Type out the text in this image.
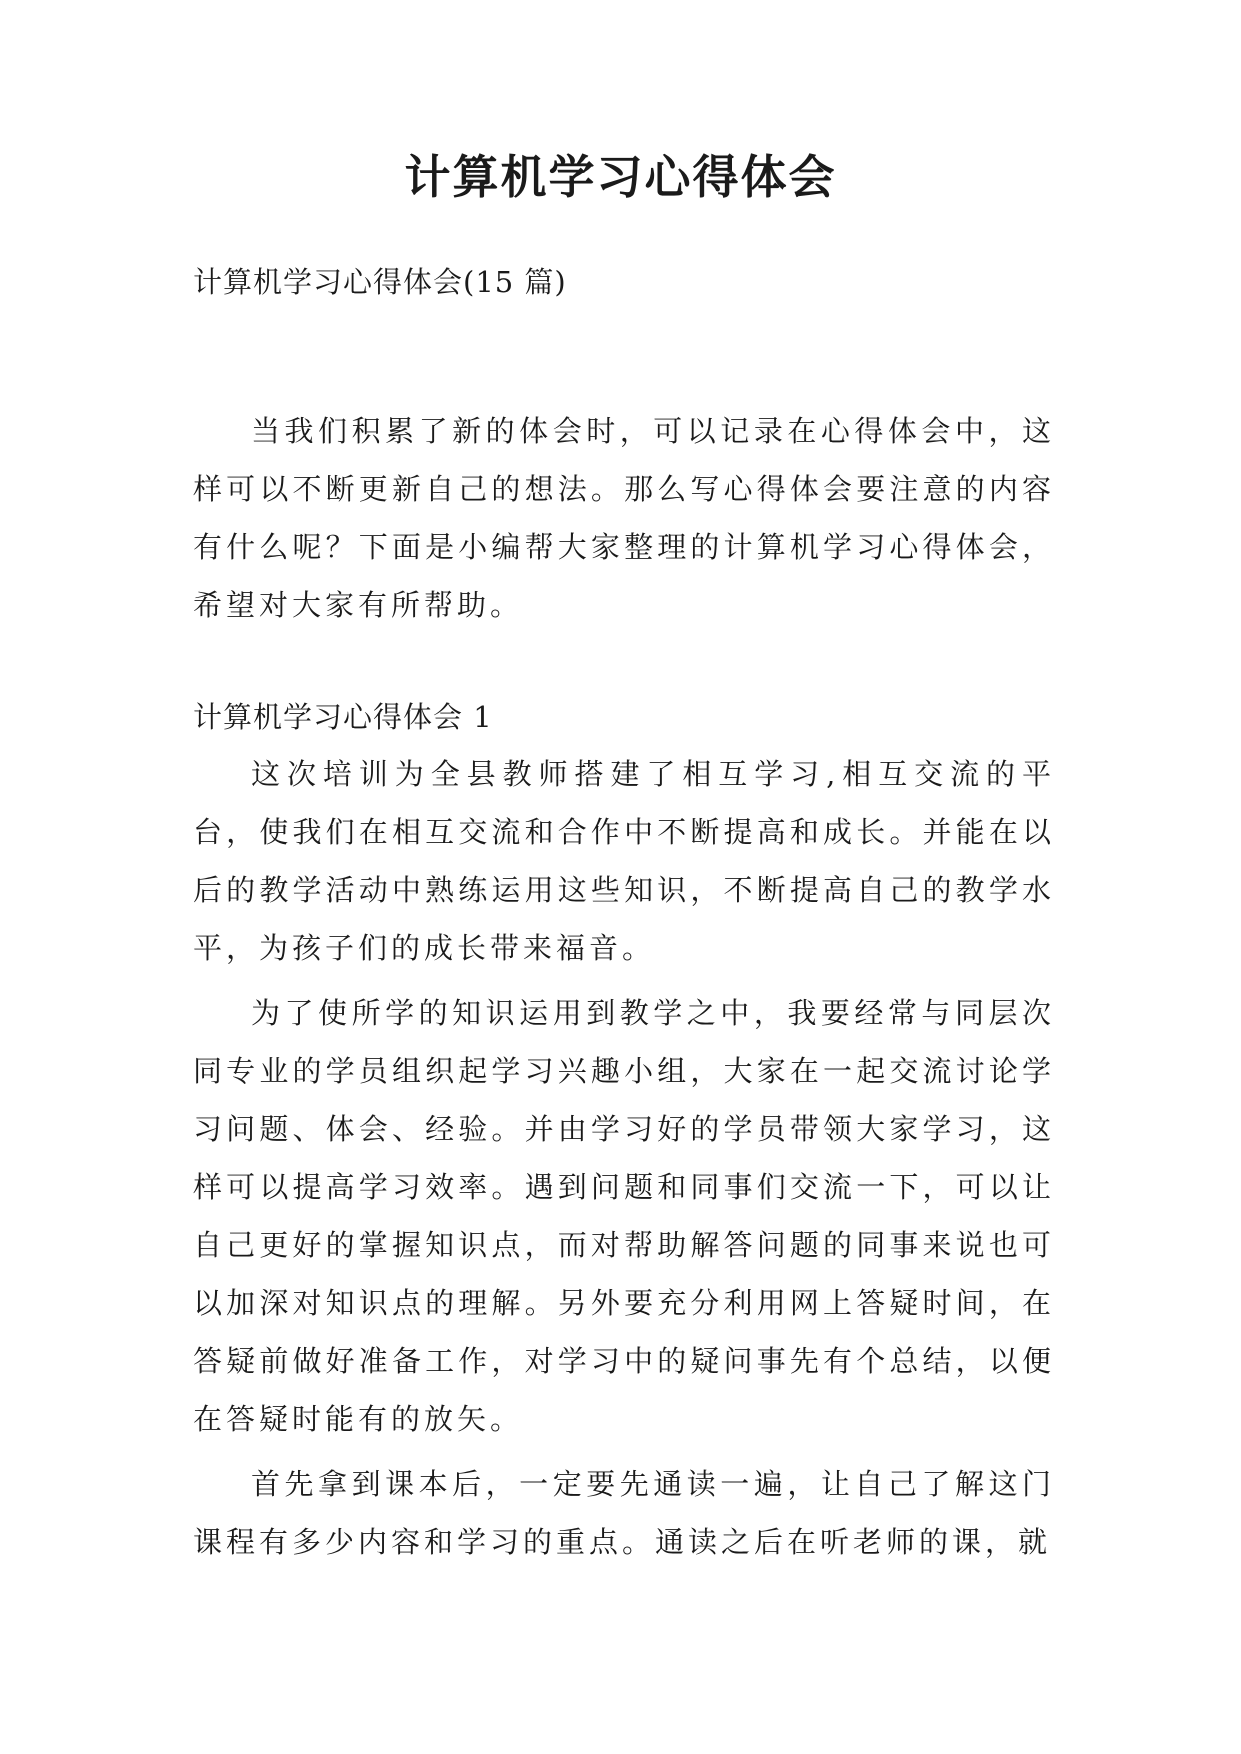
计算机学习心得体会

计算机学习心得体会(15 篇)

当我们积累了新的体会时，可以记录在心得体会中，这样可以不断更新自己的想法。那么写心得体会要注意的内容有什么呢？下面是小编帮大家整理的计算机学习心得体会，希望对大家有所帮助。

计算机学习心得体会 1

这次培训为全县教师搭建了相互学习,相互交流的平台，使我们在相互交流和合作中不断提高和成长。并能在以后的教学活动中熟练运用这些知识，不断提高自己的教学水平，为孩子们的成长带来福音。

为了使所学的知识运用到教学之中，我要经常与同层次同专业的学员组织起学习兴趣小组，大家在一起交流讨论学习问题、体会、经验。并由学习好的学员带领大家学习，这样可以提高学习效率。遇到问题和同事们交流一下，可以让自己更好的掌握知识点，而对帮助解答问题的同事来说也可以加深对知识点的理解。另外要充分利用网上答疑时间，在答疑前做好准备工作，对学习中的疑问事先有个总结，以便在答疑时能有的放矢。

首先拿到课本后，一定要先通读一遍，让自己了解这门课程有多少内容和学习的重点。通读之后在听老师的课，就
